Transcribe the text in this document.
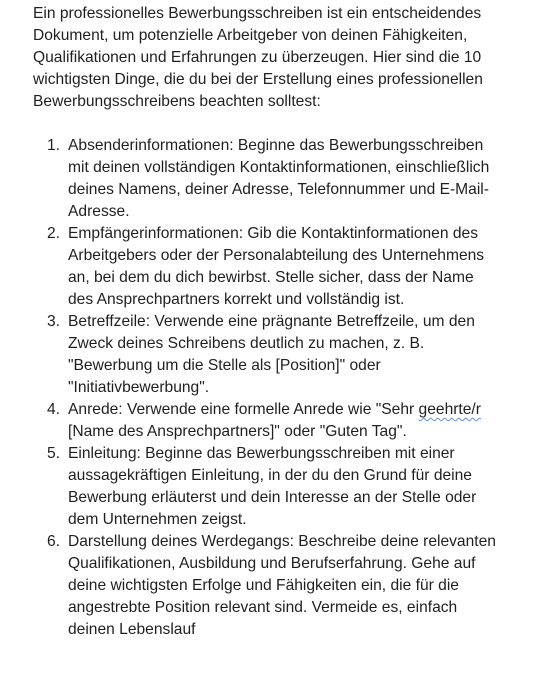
Ein professionelles Bewerbungsschreiben ist ein entscheidendes Dokument, um potenzielle Arbeitgeber von deinen Fähigkeiten, Qualifikationen und Erfahrungen zu überzeugen. Hier sind die 10 wichtigsten Dinge, die du bei der Erstellung eines professionellen Bewerbungsschreibens beachten solltest:

1. Absenderinformationen: Beginne das Bewerbungsschreiben mit deinen vollständigen Kontaktinformationen, einschließlich deines Namens, deiner Adresse, Telefonnummer und E-Mail-Adresse.
2. Empfängerinformationen: Gib die Kontaktinformationen des Arbeitgebers oder der Personalabteilung des Unternehmens an, bei dem du dich bewirbst. Stelle sicher, dass der Name des Ansprechpartners korrekt und vollständig ist.
3. Betreffzeile: Verwende eine prägnante Betreffzeile, um den Zweck deines Schreibens deutlich zu machen, z. B. "Bewerbung um die Stelle als [Position]" oder "Initiativbewerbung".
4. Anrede: Verwende eine formelle Anrede wie "Sehr geehrte/r [Name des Ansprechpartners]" oder "Guten Tag".
5. Einleitung: Beginne das Bewerbungsschreiben mit einer aussagekräftigen Einleitung, in der du den Grund für deine Bewerbung erläuterst und dein Interesse an der Stelle oder dem Unternehmen zeigst.
6. Darstellung deines Werdegangs: Beschreibe deine relevanten Qualifikationen, Ausbildung und Berufserfahrung. Gehe auf deine wichtigsten Erfolge und Fähigkeiten ein, die für die angestrebte Position relevant sind. Vermeide es, einfach deinen Lebenslauf
